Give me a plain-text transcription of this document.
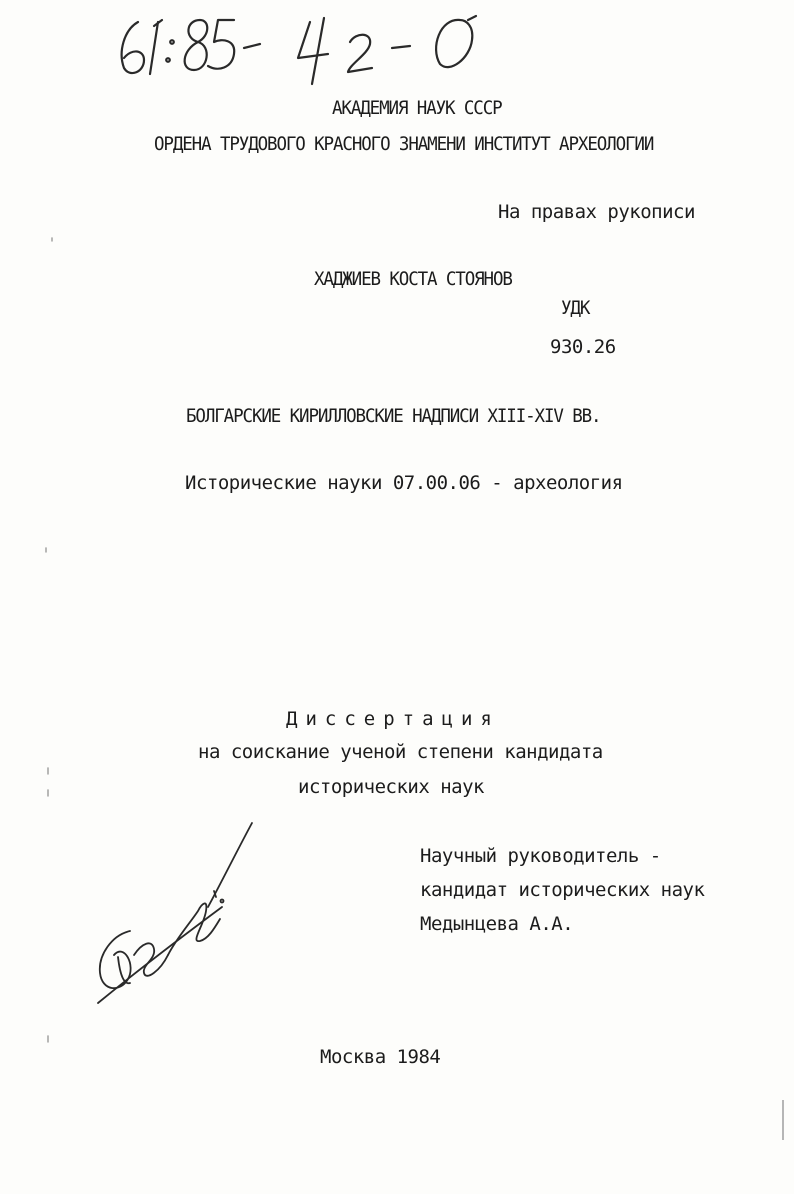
АКАДЕМИЯ НАУК СССР
ОРДЕНА ТРУДОВОГО КРАСНОГО ЗНАМЕНИ ИНСТИТУТ АРХЕОЛОГИИ
На правах рукописи
ХАДЖИЕВ КОСТА СТОЯНОВ
УДК
930.26
БОЛГАРСКИЕ КИРИЛЛОВСКИЕ НАДПИСИ XIII-XIV ВВ.
Исторические науки 07.00.06 - археология
Диссертация
на соискание ученой степени кандидата
исторических наук
Научный руководитель -
кандидат исторических наук
Медынцева А.А.
Москва 1984
